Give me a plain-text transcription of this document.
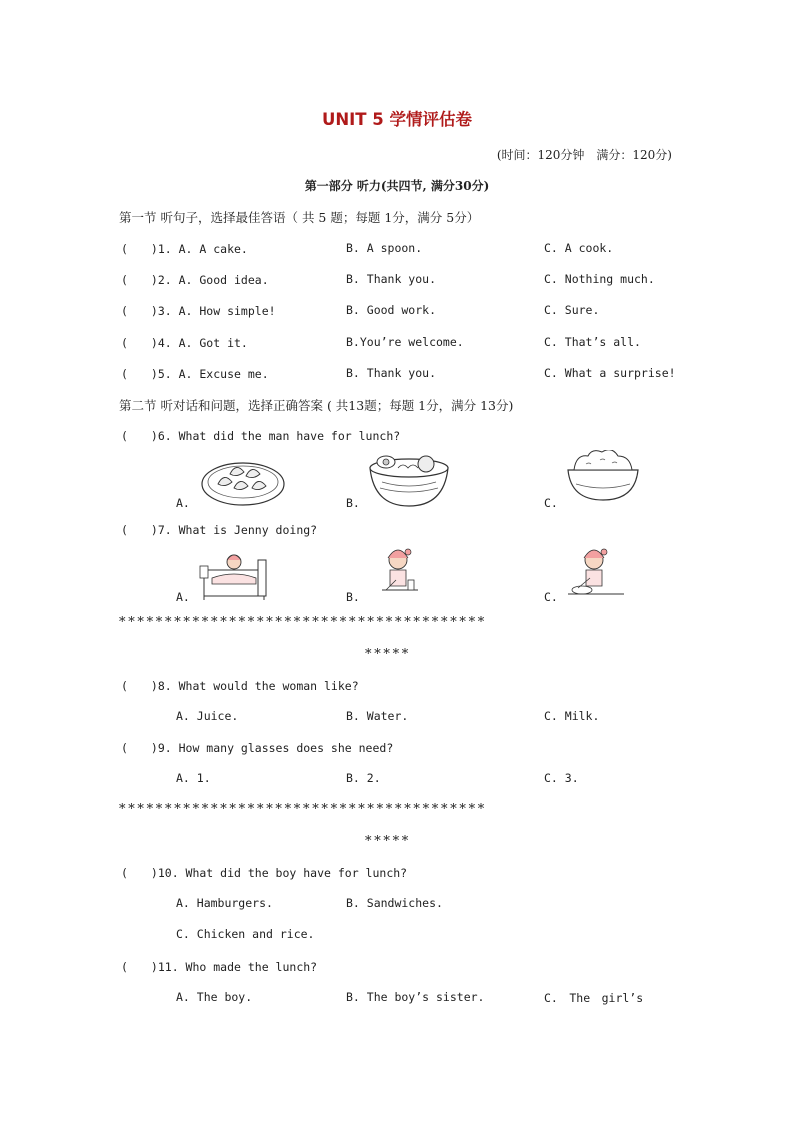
UNIT 5 学情评估卷
(时间：120分钟　满分：120分)
第一部分 听力(共四节, 满分30分)
第一节 听句子，选择最佳答语（ 共 5 题；每题 1分，满分 5分）
(　　)1. A. A cake.	B. A spoon.	C. A cook.
(　　)2. A. Good idea.	B. Thank you.	C. Nothing much.
(　　)3. A. How simple!	B. Good work.	C. Sure.
(　　)4. A. Got it.	B.You’re welcome.	C. That’s all.
(　　)5. A. Excuse me.	B. Thank you.	C. What a surprise!
第二节 听对话和问题，选择正确答案 ( 共13题；每题 1分，满分 13分)
(　　)6. What did the man have for lunch?
A.	B.	C.
(　　)7. What is Jenny doing?
A.	B.	C.
****************************************
*****
(　　)8. What would the woman like?
A. Juice.	B. Water.	C. Milk.
(　　)9. How many glasses does she need?
A. 1.	B. 2.	C. 3.
****************************************
*****
(　　)10. What did the boy have for lunch?
A. Hamburgers.	B. Sandwiches.
C. Chicken and rice.
(　　)11. Who made the lunch?
A. The boy.	B. The boy’s sister.	C.　The　girl’s
